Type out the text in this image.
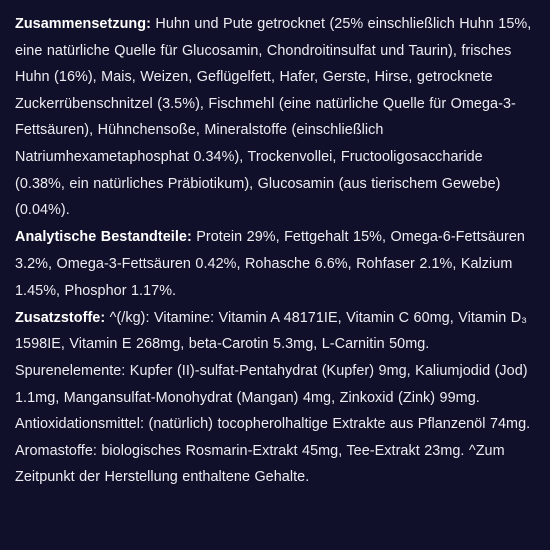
Zusammensetzung: Huhn und Pute getrocknet (25% einschließlich Huhn 15%, eine natürliche Quelle für Glucosamin, Chondroitinsulfat und Taurin), frisches Huhn (16%), Mais, Weizen, Geflügelfett, Hafer, Gerste, Hirse, getrocknete Zuckerrübenschnitzel (3.5%), Fischmehl (eine natürliche Quelle für Omega-3-Fettsäuren), Hühnchensoße, Mineralstoffe (einschließlich Natriumhexametaphosphat 0.34%), Trockenvollei, Fructooligosaccharide (0.38%, ein natürliches Präbiotikum), Glucosamin (aus tierischem Gewebe) (0.04%).

Analytische Bestandteile: Protein 29%, Fettgehalt 15%, Omega-6-Fettsäuren 3.2%, Omega-3-Fettsäuren 0.42%, Rohasche 6.6%, Rohfaser 2.1%, Kalzium 1.45%, Phosphor 1.17%.

Zusatzstoffe: ^(/kg): Vitamine: Vitamin A 48171IE, Vitamin C 60mg, Vitamin D₃ 1598IE, Vitamin E 268mg, beta-Carotin 5.3mg, L-Carnitin 50mg. Spurenelemente: Kupfer (II)-sulfat-Pentahydrat (Kupfer) 9mg, Kaliumjodid (Jod) 1.1mg, Mangansulfat-Monohydrat (Mangan) 4mg, Zinkoxid (Zink) 99mg. Antioxidationsmittel: (natürlich) tocopherolhaltige Extrakte aus Pflanzenöl 74mg. Aromastoffe: biologisches Rosmarin-Extrakt 45mg, Tee-Extrakt 23mg. ^Zum Zeitpunkt der Herstellung enthaltene Gehalte.
